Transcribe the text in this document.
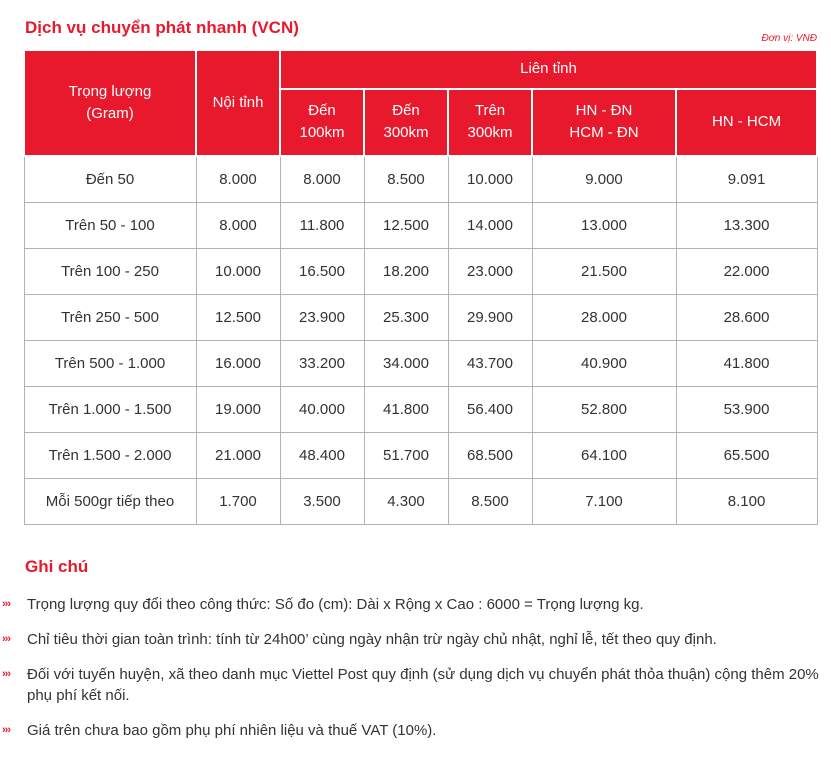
Dịch vụ chuyển phát nhanh (VCN)
Đơn vị: VNĐ
Trọng lượng (Gram)	Nội tỉnh	Liên tỉnh				
		Đến 100km	Đến 300km	Trên 300km	HN - ĐN HCM - ĐN	HN - HCM
Đến 50	8.000	8.000	8.500	10.000	9.000	9.091
Trên 50 - 100	8.000	11.800	12.500	14.000	13.000	13.300
Trên 100 - 250	10.000	16.500	18.200	23.000	21.500	22.000
Trên 250 - 500	12.500	23.900	25.300	29.900	28.000	28.600
Trên 500 - 1.000	16.000	33.200	34.000	43.700	40.900	41.800
Trên 1.000 - 1.500	19.000	40.000	41.800	56.400	52.800	53.900
Trên 1.500 - 2.000	21.000	48.400	51.700	68.500	64.100	65.500
Mỗi 500gr tiếp theo	1.700	3.500	4.300	8.500	7.100	8.100
Ghi chú
››› Trọng lượng quy đổi theo công thức: Số đo (cm): Dài x Rộng x Cao : 6000 = Trọng lượng kg.
››› Chỉ tiêu thời gian toàn trình: tính từ 24h00’ cùng ngày nhận trừ ngày chủ nhật, nghỉ lễ, tết theo quy định.
››› Đối với tuyến huyện, xã theo danh mục Viettel Post quy định (sử dụng dịch vụ chuyển phát thỏa thuận) cộng thêm 20% phụ phí kết nối.
››› Giá trên chưa bao gồm phụ phí nhiên liệu và thuế VAT (10%).
